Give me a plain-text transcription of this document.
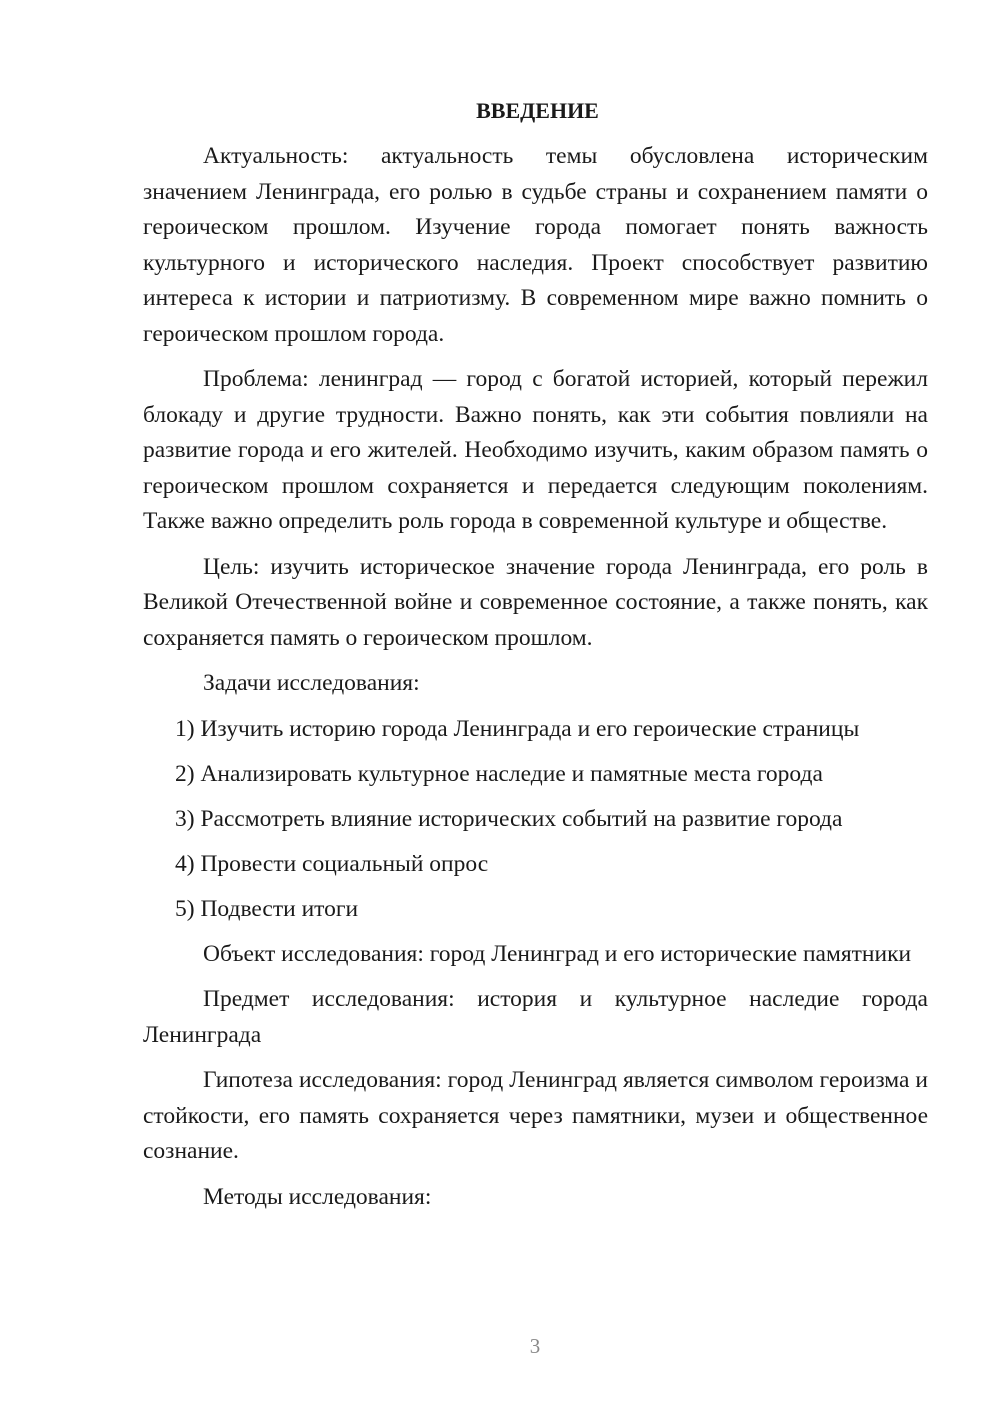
ВВЕДЕНИЕ

Актуальность: актуальность темы обусловлена историческим значением Ленинграда, его ролью в судьбе страны и сохранением памяти о героическом прошлом. Изучение города помогает понять важность культурного и исторического наследия. Проект способствует развитию интереса к истории и патриотизму. В современном мире важно помнить о героическом прошлом города.

Проблема: ленинград — город с богатой историей, который пережил блокаду и другие трудности. Важно понять, как эти события повлияли на развитие города и его жителей. Необходимо изучить, каким образом память о героическом прошлом сохраняется и передается следующим поколениям. Также важно определить роль города в современной культуре и обществе.

Цель: изучить историческое значение города Ленинграда, его роль в Великой Отечественной войне и современное состояние, а также понять, как сохраняется память о героическом прошлом.

Задачи исследования:

1) Изучить историю города Ленинграда и его героические страницы
2) Анализировать культурное наследие и памятные места города
3) Рассмотреть влияние исторических событий на развитие города
4) Провести социальный опрос
5) Подвести итоги

Объект исследования: город Ленинград и его исторические памятники

Предмет исследования: история и культурное наследие города Ленинграда

Гипотеза исследования: город Ленинград является символом героизма и стойкости, его память сохраняется через памятники, музеи и общественное сознание.

Методы исследования:

3
